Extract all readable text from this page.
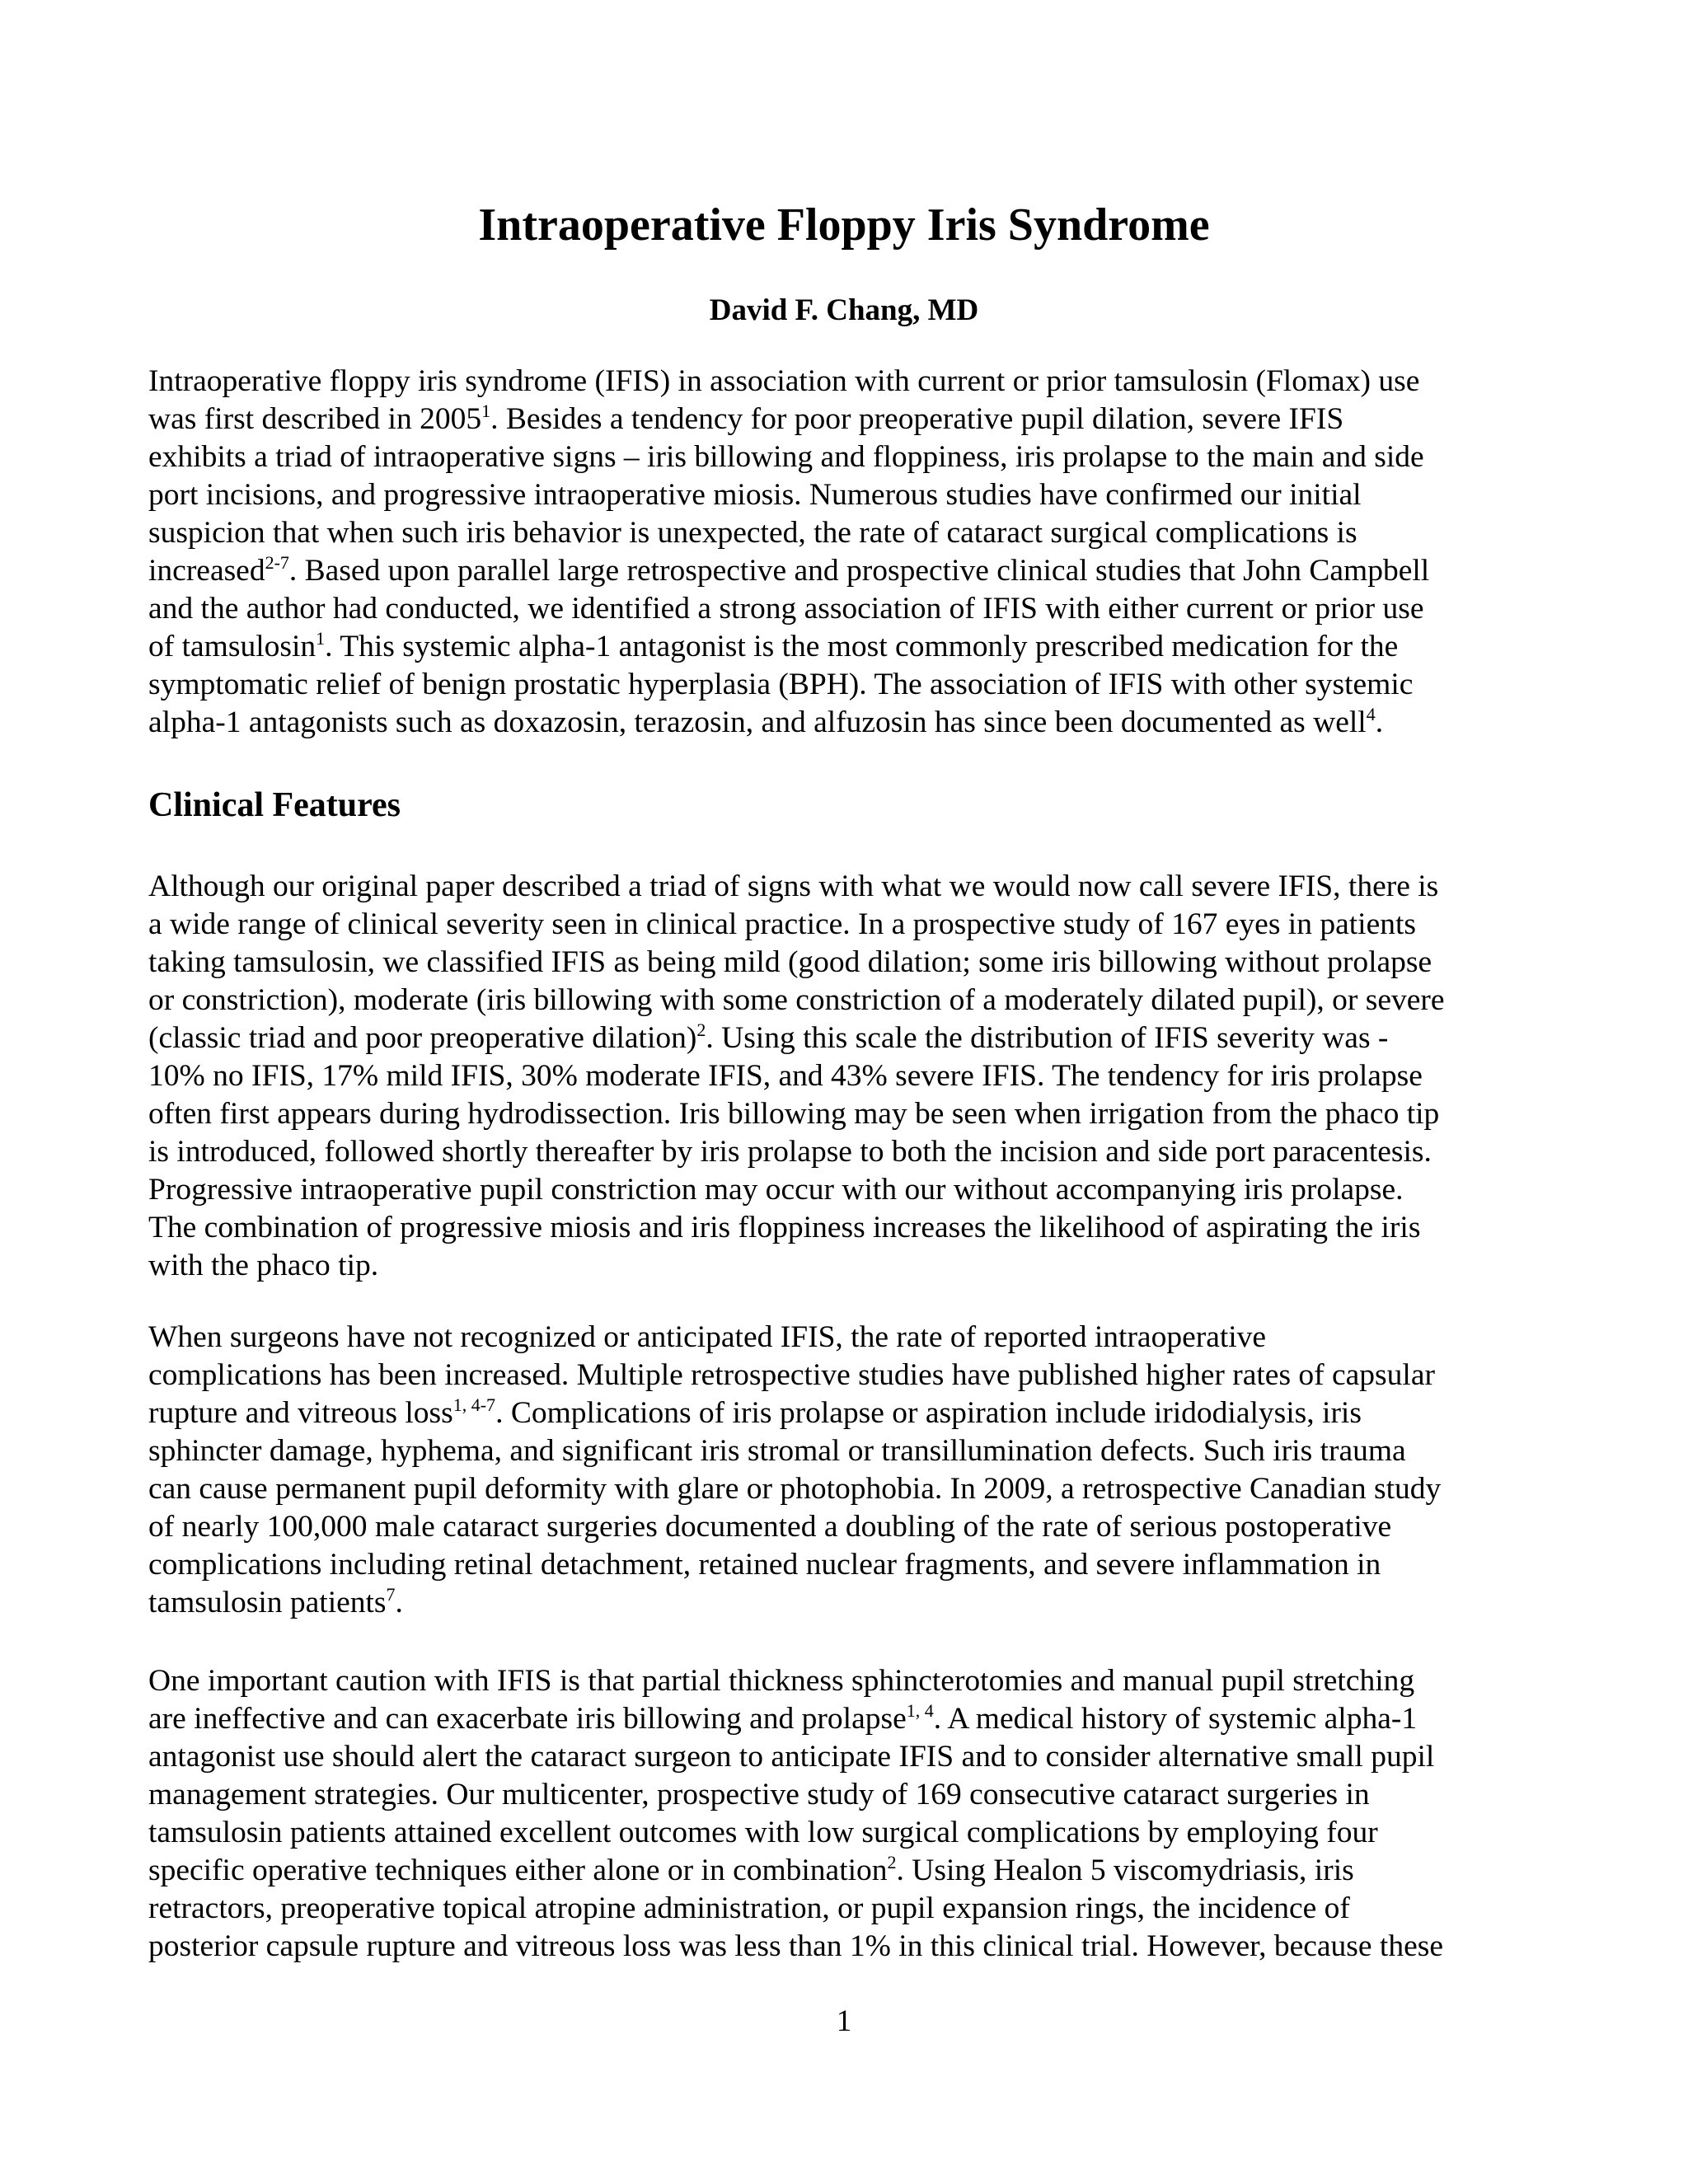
Intraoperative Floppy Iris Syndrome
David F. Chang, MD
Intraoperative floppy iris syndrome (IFIS) in association with current or prior tamsulosin (Flomax) use
was first described in 2005$^1$. Besides a tendency for poor preoperative pupil dilation, severe IFIS
exhibits a triad of intraoperative signs – iris billowing and floppiness, iris prolapse to the main and side
port incisions, and progressive intraoperative miosis. Numerous studies have confirmed our initial
suspicion that when such iris behavior is unexpected, the rate of cataract surgical complications is
increased$^{2-7}$. Based upon parallel large retrospective and prospective clinical studies that John Campbell
and the author had conducted, we identified a strong association of IFIS with either current or prior use
of tamsulosin$^1$. This systemic alpha-1 antagonist is the most commonly prescribed medication for the
symptomatic relief of benign prostatic hyperplasia (BPH). The association of IFIS with other systemic
alpha-1 antagonists such as doxazosin, terazosin, and alfuzosin has since been documented as well$^4$.
Clinical Features
Although our original paper described a triad of signs with what we would now call severe IFIS, there is
a wide range of clinical severity seen in clinical practice. In a prospective study of 167 eyes in patients
taking tamsulosin, we classified IFIS as being mild (good dilation; some iris billowing without prolapse
or constriction), moderate (iris billowing with some constriction of a moderately dilated pupil), or severe
(classic triad and poor preoperative dilation)$^2$. Using this scale the distribution of IFIS severity was -
10% no IFIS, 17% mild IFIS, 30% moderate IFIS, and 43% severe IFIS. The tendency for iris prolapse
often first appears during hydrodissection. Iris billowing may be seen when irrigation from the phaco tip
is introduced, followed shortly thereafter by iris prolapse to both the incision and side port paracentesis.
Progressive intraoperative pupil constriction may occur with our without accompanying iris prolapse.
The combination of progressive miosis and iris floppiness increases the likelihood of aspirating the iris
with the phaco tip.
When surgeons have not recognized or anticipated IFIS, the rate of reported intraoperative
complications has been increased. Multiple retrospective studies have published higher rates of capsular
rupture and vitreous loss$^{1, 4-7}$. Complications of iris prolapse or aspiration include iridodialysis, iris
sphincter damage, hyphema, and significant iris stromal or transillumination defects. Such iris trauma
can cause permanent pupil deformity with glare or photophobia. In 2009, a retrospective Canadian study
of nearly 100,000 male cataract surgeries documented a doubling of the rate of serious postoperative
complications including retinal detachment, retained nuclear fragments, and severe inflammation in
tamsulosin patients$^7$.
One important caution with IFIS is that partial thickness sphincterotomies and manual pupil stretching
are ineffective and can exacerbate iris billowing and prolapse$^{1, 4}$. A medical history of systemic alpha-1
antagonist use should alert the cataract surgeon to anticipate IFIS and to consider alternative small pupil
management strategies. Our multicenter, prospective study of 169 consecutive cataract surgeries in
tamsulosin patients attained excellent outcomes with low surgical complications by employing four
specific operative techniques either alone or in combination$^2$. Using Healon 5 viscomydriasis, iris
retractors, preoperative topical atropine administration, or pupil expansion rings, the incidence of
posterior capsule rupture and vitreous loss was less than 1% in this clinical trial. However, because these
1
